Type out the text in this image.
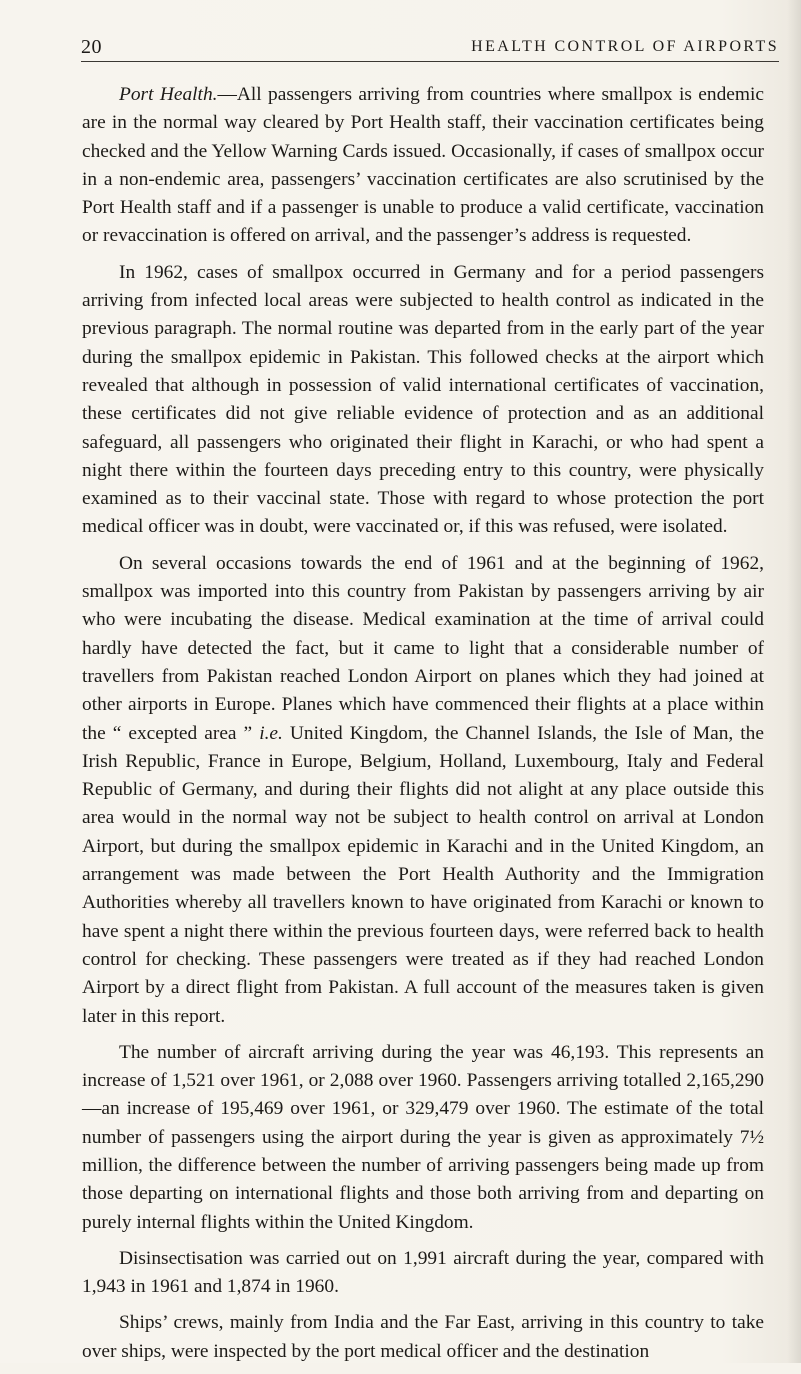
20	HEALTH CONTROL OF AIRPORTS

Port Health.—All passengers arriving from countries where smallpox is endemic are in the normal way cleared by Port Health staff, their vaccination certificates being checked and the Yellow Warning Cards issued. Occasionally, if cases of smallpox occur in a non-endemic area, passengers’ vaccination certificates are also scrutinised by the Port Health staff and if a passenger is unable to produce a valid certificate, vaccination or revaccination is offered on arrival, and the passenger’s address is requested.

In 1962, cases of smallpox occurred in Germany and for a period passengers arriving from infected local areas were subjected to health control as indicated in the previous paragraph. The normal routine was departed from in the early part of the year during the smallpox epidemic in Pakistan. This followed checks at the airport which revealed that although in possession of valid international certificates of vaccination, these certificates did not give reliable evidence of protection and as an additional safeguard, all passengers who originated their flight in Karachi, or who had spent a night there within the fourteen days preceding entry to this country, were physically examined as to their vaccinal state. Those with regard to whose protection the port medical officer was in doubt, were vaccinated or, if this was refused, were isolated.

On several occasions towards the end of 1961 and at the beginning of 1962, smallpox was imported into this country from Pakistan by passengers arriving by air who were incubating the disease. Medical examination at the time of arrival could hardly have detected the fact, but it came to light that a considerable number of travellers from Pakistan reached London Airport on planes which they had joined at other airports in Europe. Planes which have commenced their flights at a place within the “ excepted area ” i.e. United Kingdom, the Channel Islands, the Isle of Man, the Irish Republic, France in Europe, Belgium, Holland, Luxembourg, Italy and Federal Republic of Germany, and during their flights did not alight at any place outside this area would in the normal way not be subject to health control on arrival at London Airport, but during the smallpox epidemic in Karachi and in the United Kingdom, an arrangement was made between the Port Health Authority and the Immigration Authorities whereby all travellers known to have originated from Karachi or known to have spent a night there within the previous fourteen days, were referred back to health control for checking. These passengers were treated as if they had reached London Airport by a direct flight from Pakistan. A full account of the measures taken is given later in this report.

The number of aircraft arriving during the year was 46,193. This represents an increase of 1,521 over 1961, or 2,088 over 1960. Passengers arriving totalled 2,165,290—an increase of 195,469 over 1961, or 329,479 over 1960. The estimate of the total number of passengers using the airport during the year is given as approximately 7½ million, the difference between the number of arriving passengers being made up from those departing on international flights and those both arriving from and departing on purely internal flights within the United Kingdom.

Disinsectisation was carried out on 1,991 aircraft during the year, compared with 1,943 in 1961 and 1,874 in 1960.

Ships’ crews, mainly from India and the Far East, arriving in this country to take over ships, were inspected by the port medical officer and the destination
